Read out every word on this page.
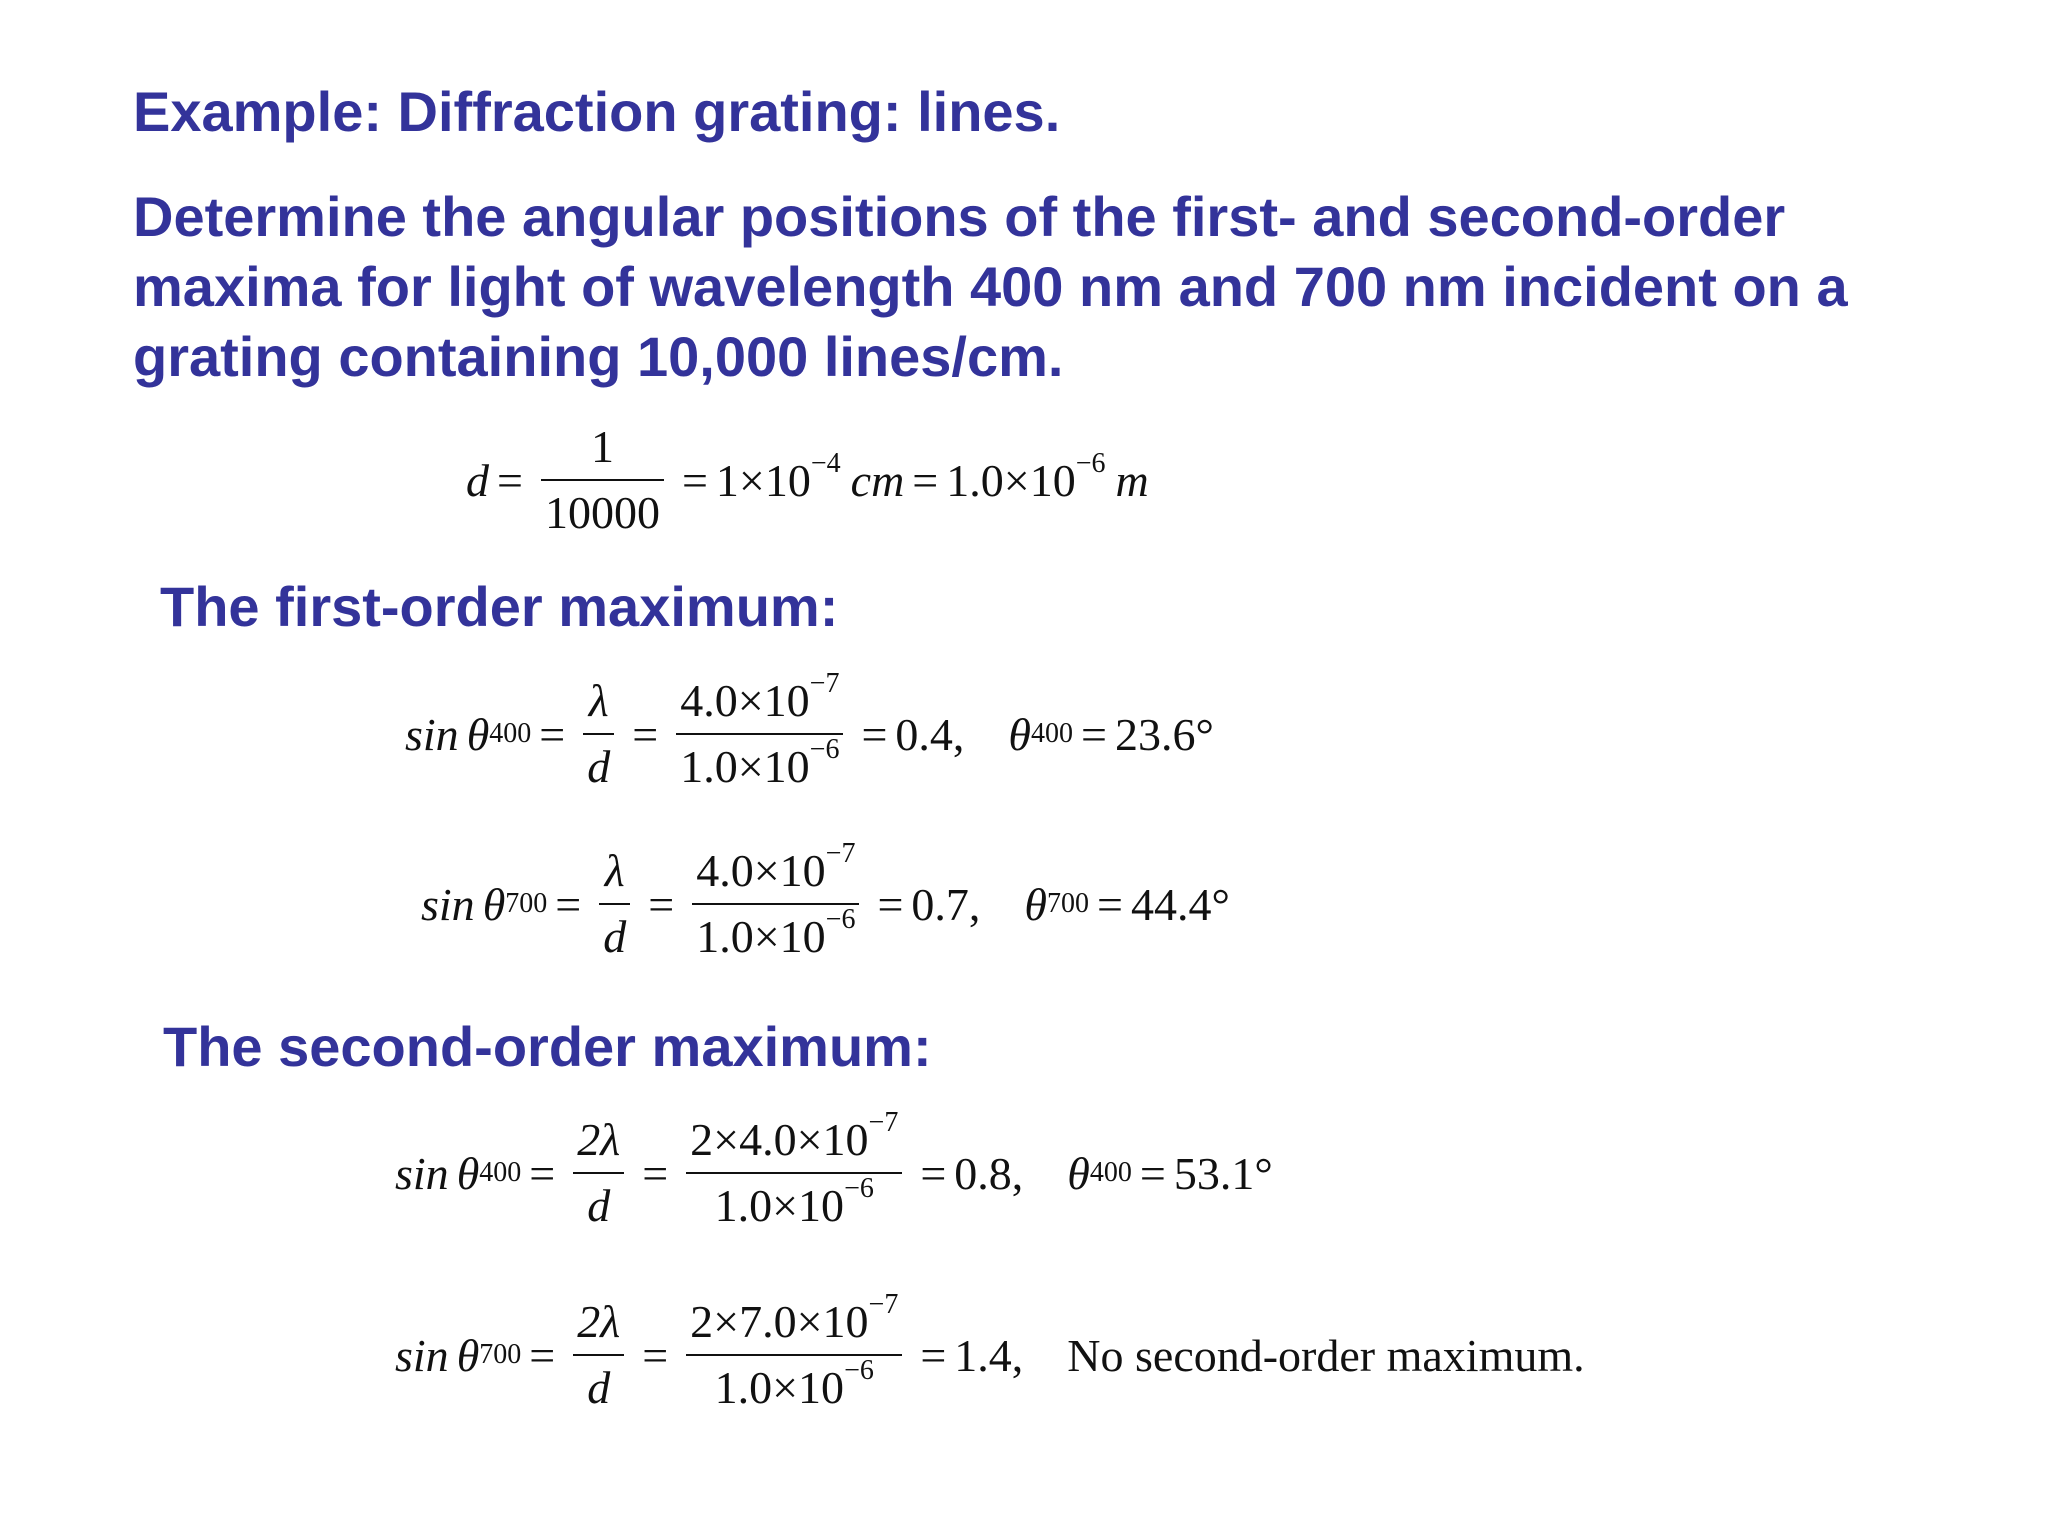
Example: Diffraction grating: lines.
Determine the angular positions of the first- and second-order
maxima for light of wavelength 400 nm and 700 nm incident on a
grating containing 10,000 lines/cm.
$d = \frac{1}{10000} = 1\times 10^{-4}$ cm = $1.0\times 10^{-6}$ m
The first-order maximum:
sin θ $400 = \frac{\lambda}{d} = \frac{4.0\times 10^{-7}}{1.0\times 10^{-6}} = 0.4$, θ 400 = 23.6°
sin θ $700 = \frac{\lambda}{d} = \frac{4.0\times 10^{-7}}{1.0\times 10^{-6}} = 0.7$, θ 700 = 44.4°
The second-order maximum:
sin θ $400 = \frac{2\lambda}{d} = \frac{2\times 4.0\times 10^{-7}}{1.0\times 10^{-6}} = 0.8$, θ 400 = 53.1°
sin θ $700 = \frac{2\lambda}{d} = \frac{2\times 7.0\times 10^{-7}}{1.0\times 10^{-6}} = 1.4$, No second-order maximum.
